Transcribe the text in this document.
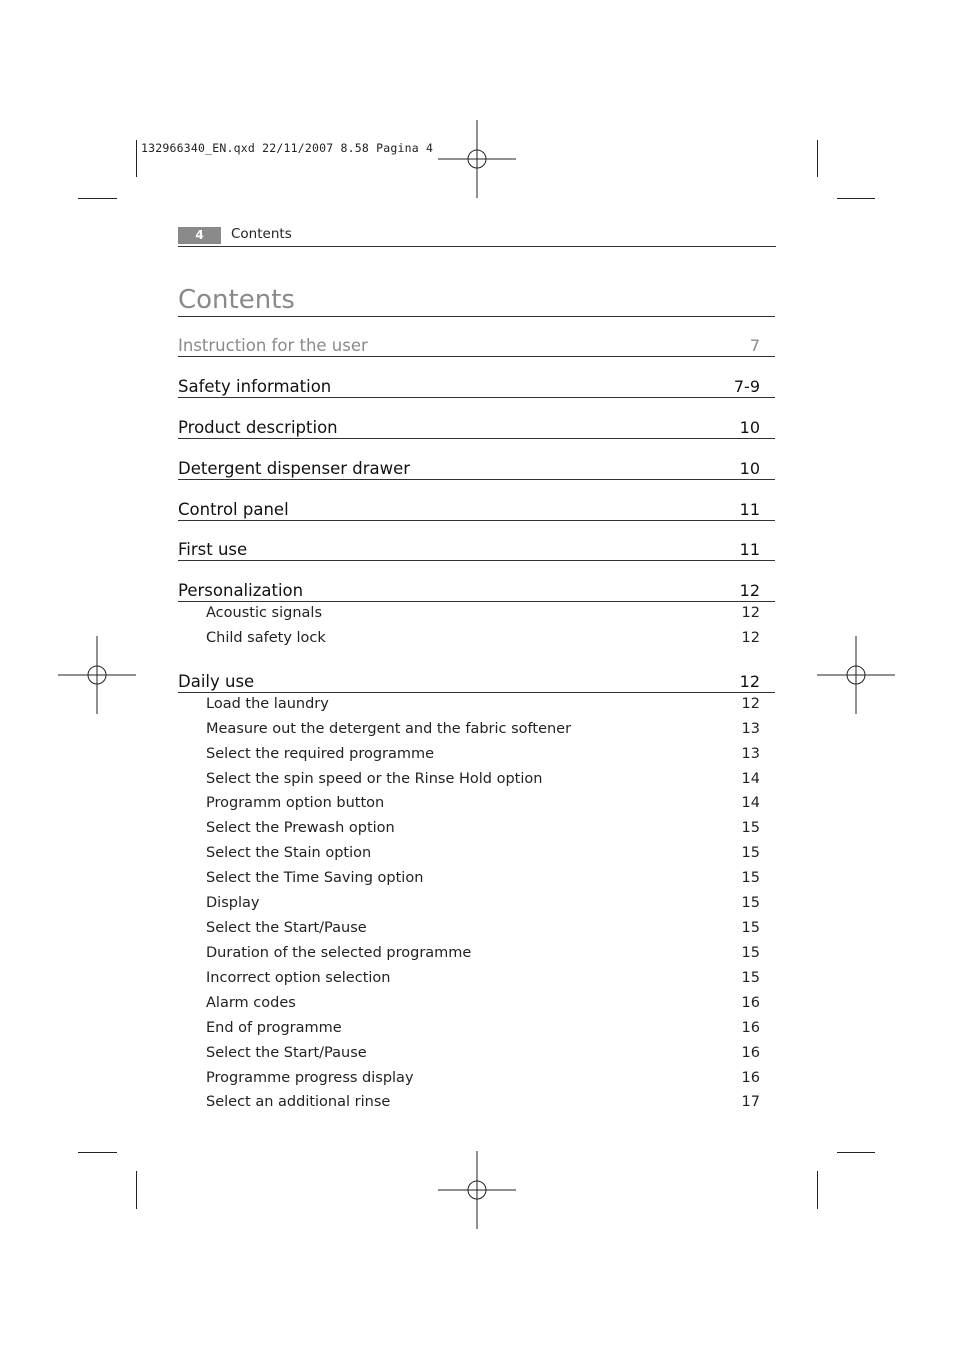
132966340_EN.qxd 22/11/2007 8.58 Pagina 4
4	Contents
Contents
Instruction for the user	7
Safety information	7-9
Product description	10
Detergent dispenser drawer	10
Control panel	11
First use	11
Personalization	12
Acoustic signals	12
Child safety lock	12
Daily use	12
Load the laundry	12
Measure out the detergent and the fabric softener	13
Select the required programme	13
Select the spin speed or the Rinse Hold option	14
Programm option button	14
Select the Prewash option	15
Select the Stain option	15
Select the Time Saving option	15
Display	15
Select the Start/Pause	15
Duration of the selected programme	15
Incorrect option selection	15
Alarm codes	16
End of programme	16
Select the Start/Pause	16
Programme progress display	16
Select an additional rinse	17
